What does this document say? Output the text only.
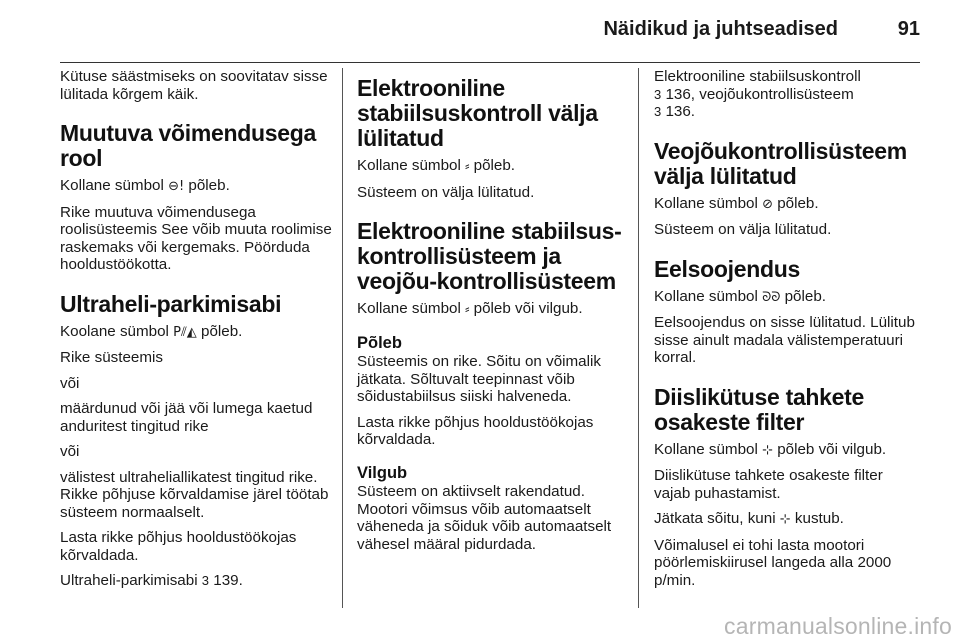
Näidikud ja juhtseadised	91

Kütuse säästmiseks on soovitatav sisse lülitada kõrgem käik.

Muutuva võimendusega rool

Kollane sümbol ⊖! põleb.

Rike muutuva võimendusega roolisüsteemis See võib muuta roolimise raskemaks või kergemaks. Pöörduda hooldustöökotta.

Ultraheli-parkimisabi

Koolane sümbol P⫽◭ põleb.

Rike süsteemis

või

määrdunud või jää või lumega kaetud anduritest tingitud rike

või

välistest ultraheliallikatest tingitud rike. Rikke põhjuse kõrvaldamise järel töötab süsteem normaalselt.

Lasta rikke põhjus hooldustöökojas kõrvaldada.

Ultraheli-parkimisabi 3 139.

Elektrooniline stabiilsuskontroll välja lülitatud

Kollane sümbol ⸗ põleb.

Süsteem on välja lülitatud.

Elektrooniline stabiilsus-kontrollisüsteem ja veojõu-kontrollisüsteem

Kollane sümbol ⸗ põleb või vilgub.

Põleb

Süsteemis on rike. Sõitu on võimalik jätkata. Sõltuvalt teepinnast võib sõidustabiilsus siiski halveneda.

Lasta rikke põhjus hooldustöökojas kõrvaldada.

Vilgub

Süsteem on aktiivselt rakendatud. Mootori võimsus võib automaatselt väheneda ja sõiduk võib automaatselt vähesel määral pidurdada.

Elektrooniline stabiilsuskontroll
3 136, veojõukontrollisüsteem
3 136.

Veojõukontrollisüsteem välja lülitatud

Kollane sümbol ⊘ põleb.

Süsteem on välja lülitatud.

Eelsoojendus

Kollane sümbol ᘐᘐ põleb.

Eelsoojendus on sisse lülitatud. Lülitub sisse ainult madala välistemperatuuri korral.

Diislikütuse tahkete osakeste filter

Kollane sümbol ⊹ põleb või vilgub.

Diislikütuse tahkete osakeste filter vajab puhastamist.

Jätkata sõitu, kuni ⊹ kustub.

Võimalusel ei tohi lasta mootori pöörlemiskiirusel langeda alla 2000 p/min.

carmanualsonline.info
